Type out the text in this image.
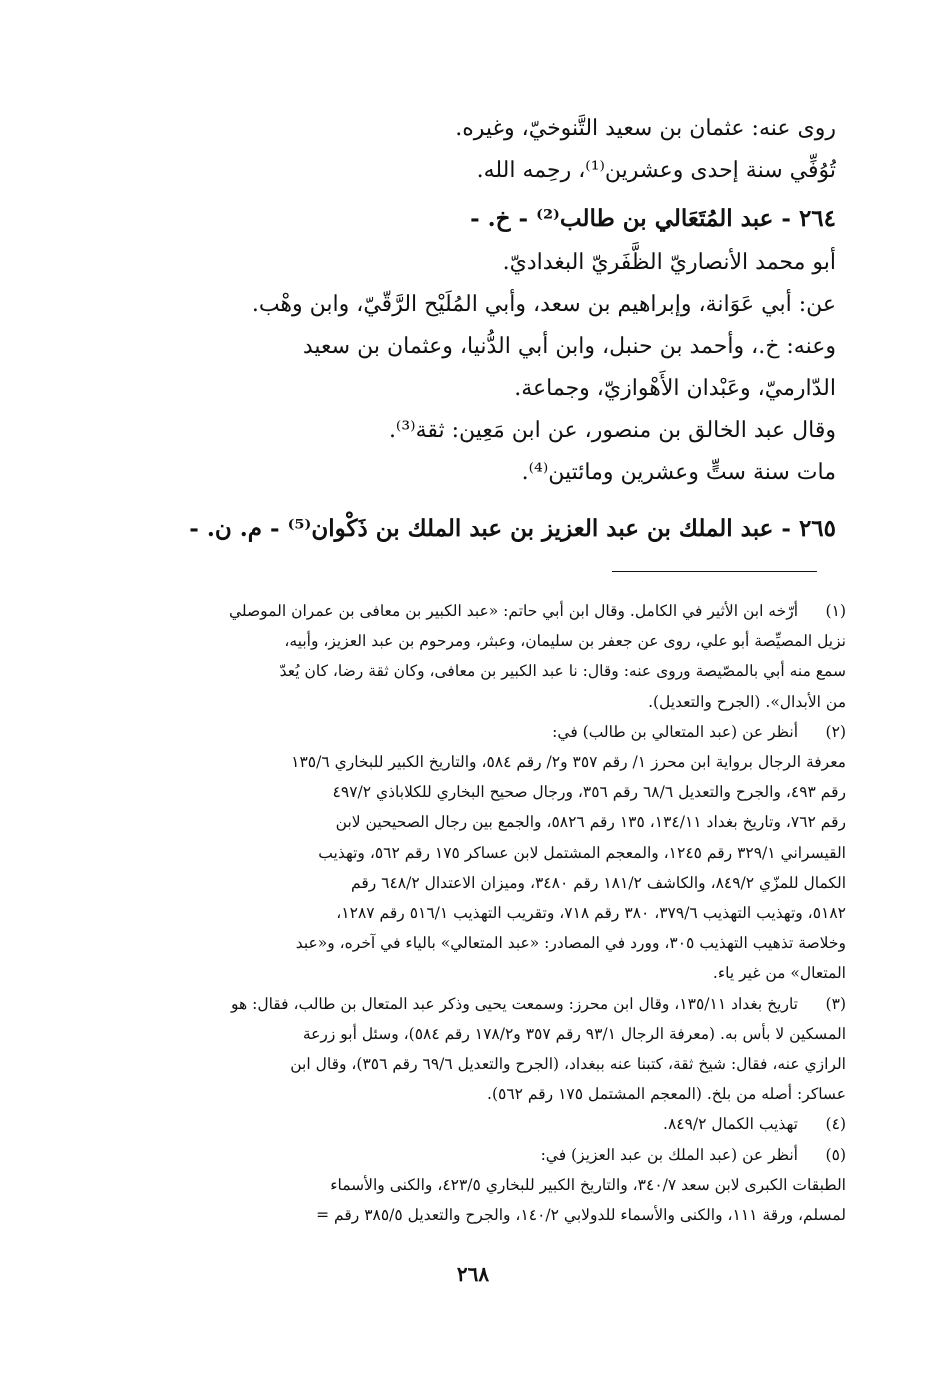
روى عنه: عثمان بن سعيد التَّنوخيّ، وغيره.
تُوُفِّي سنة إحدى وعشرين⁽¹⁾، رحِمه الله.
٢٦٤ - عبد المُتَعَالي بن طالب⁽²⁾ - خ. -
أبو محمد الأنصاريّ الظَّفَريّ البغداديّ.
عن: أبي عَوَانة، وإبراهيم بن سعد، وأبي المُلَيْح الرَّقّيّ، وابن وهْب.
وعنه: خ.، وأحمد بن حنبل، وابن أبي الدُّنيا، وعثمان بن سعيد
الدّارميّ، وعَبْدان الأَهْوازيّ، وجماعة.
وقال عبد الخالق بن منصور، عن ابن مَعِين: ثقة⁽³⁾.
مات سنة ستٍّ وعشرين ومائتين⁽⁴⁾.
٢٦٥ - عبد الملك بن عبد العزيز بن عبد الملك بن ذَكْوان⁽⁵⁾ - م. ن. -
(١)
أرّخه ابن الأثير في الكامل. وقال ابن أبي حاتم: «عبد الكبير بن معافى بن عمران الموصلي
نزيل المصيِّصة أبو علي، روى عن جعفر بن سليمان، وعبثر، ومرحوم بن عبد العزيز، وأبيه،
سمع منه أبي بالمصّيصة وروى عنه: وقال: نا عبد الكبير بن معافى، وكان ثقة رضا، كان يُعدّ
من الأبدال». (الجرح والتعديل).
(٢)
أنظر عن (عبد المتعالي بن طالب) في:
معرفة الرجال برواية ابن محرز ١/ رقم ٣٥٧ و٢/ رقم ٥٨٤، والتاريخ الكبير للبخاري ١٣٥/٦
رقم ٤٩٣، والجرح والتعديل ٦٨/٦ رقم ٣٥٦، ورجال صحيح البخاري للكلاباذي ٤٩٧/٢
رقم ٧٦٢، وتاريخ بغداد ١٣٤/١١، ١٣٥ رقم ٥٨٢٦، والجمع بين رجال الصحيحين لابن
القيسراني ٣٢٩/١ رقم ١٢٤٥، والمعجم المشتمل لابن عساكر ١٧٥ رقم ٥٦٢، وتهذيب
الكمال للمزّي ٨٤٩/٢، والكاشف ١٨١/٢ رقم ٣٤٨٠، وميزان الاعتدال ٦٤٨/٢ رقم
٥١٨٢، وتهذيب التهذيب ٣٧٩/٦، ٣٨٠ رقم ٧١٨، وتقريب التهذيب ٥١٦/١ رقم ١٢٨٧،
وخلاصة تذهيب التهذيب ٣٠٥، وورد في المصادر: «عبد المتعالي» بالياء في آخره، و«عبد
المتعال» من غير ياء.
(٣)
تاريخ بغداد ١٣٥/١١، وقال ابن محرز: وسمعت يحيى وذكر عبد المتعال بن طالب، فقال: هو
المسكين لا بأس به. (معرفة الرجال ٩٣/١ رقم ٣٥٧ و١٧٨/٢ رقم ٥٨٤)، وسئل أبو زرعة
الرازي عنه، فقال: شيخ ثقة، كتبنا عنه ببغداد، (الجرح والتعديل ٦٩/٦ رقم ٣٥٦)، وقال ابن
عساكر: أصله من بلخ. (المعجم المشتمل ١٧٥ رقم ٥٦٢).
(٤)
تهذيب الكمال ٨٤٩/٢.
(٥)
أنظر عن (عبد الملك بن عبد العزيز) في:
الطبقات الكبرى لابن سعد ٣٤٠/٧، والتاريخ الكبير للبخاري ٤٢٣/٥، والكنى والأسماء
لمسلم، ورقة ١١١، والكنى والأسماء للدولابي ١٤٠/٢، والجرح والتعديل ٣٨٥/٥ رقم =
٢٦٨
